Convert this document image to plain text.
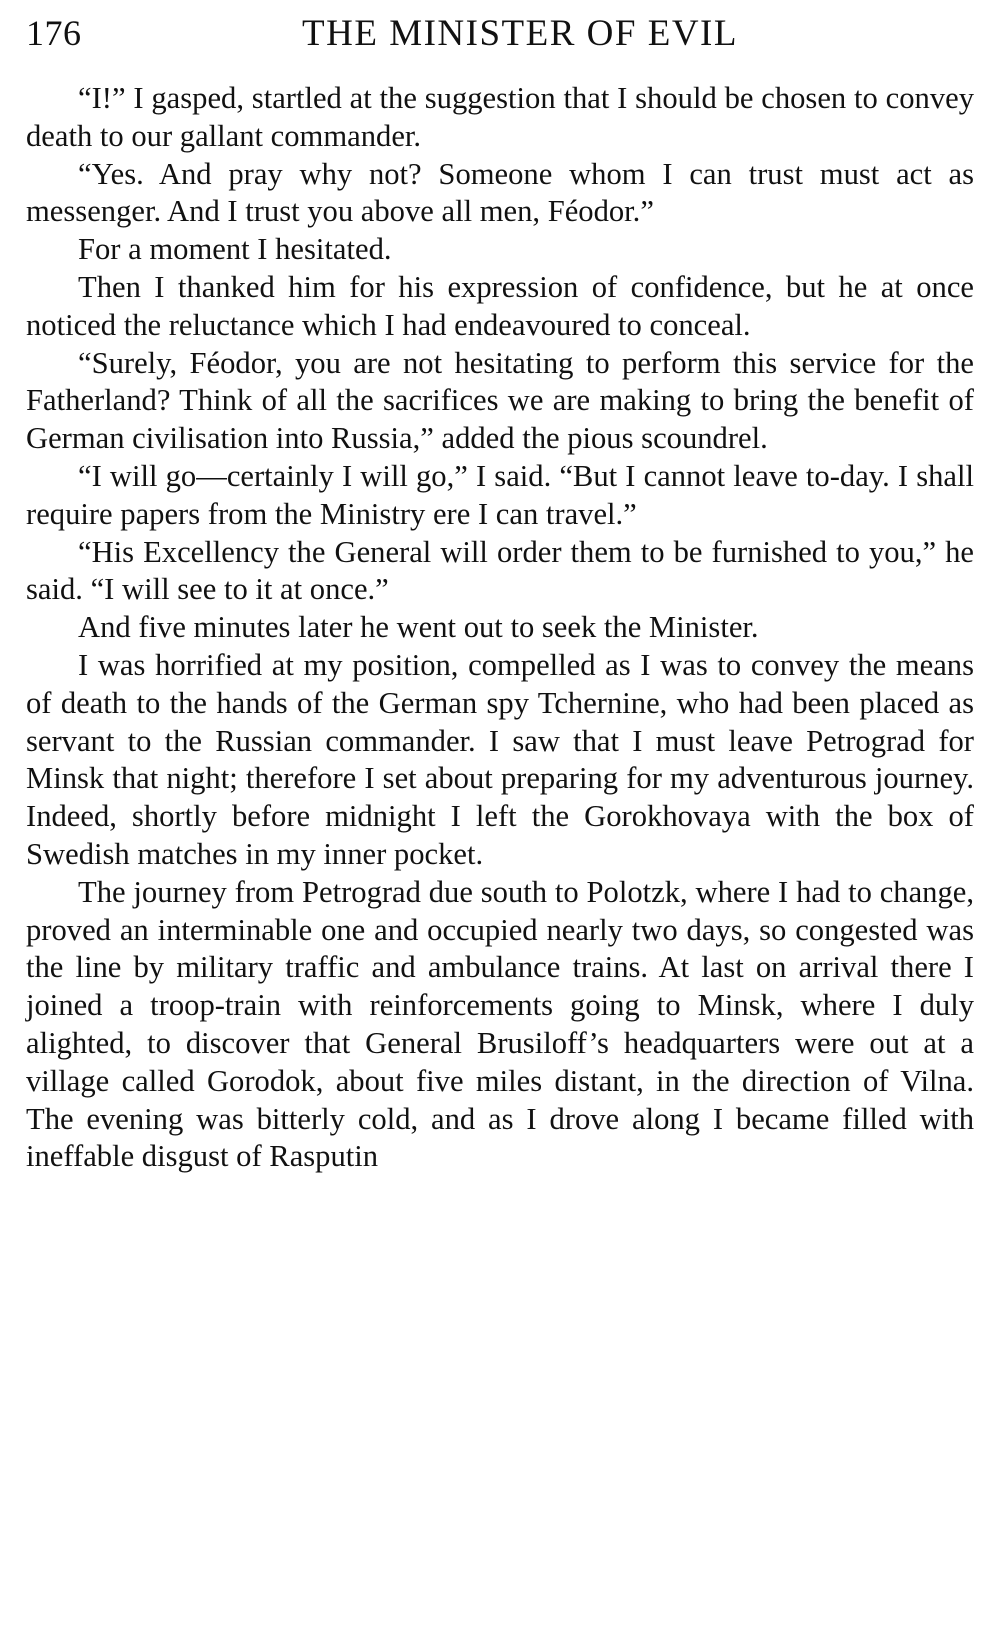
176	THE MINISTER OF EVIL

“I!” I gasped, startled at the suggestion that I should be chosen to convey death to our gallant commander.

“Yes. And pray why not? Someone whom I can trust must act as messenger. And I trust you above all men, Féodor.”

For a moment I hesitated.

Then I thanked him for his expression of confidence, but he at once noticed the reluctance which I had endeavoured to conceal.

“Surely, Féodor, you are not hesitating to perform this service for the Fatherland? Think of all the sacrifices we are making to bring the benefit of German civilisation into Russia,” added the pious scoundrel.

“I will go—certainly I will go,” I said. “But I cannot leave to-day. I shall require papers from the Ministry ere I can travel.”

“His Excellency the General will order them to be furnished to you,” he said. “I will see to it at once.”

And five minutes later he went out to seek the Minister.

I was horrified at my position, compelled as I was to convey the means of death to the hands of the German spy Tchernine, who had been placed as servant to the Russian commander. I saw that I must leave Petrograd for Minsk that night; therefore I set about preparing for my adventurous journey. Indeed, shortly before midnight I left the Gorokhovaya with the box of Swedish matches in my inner pocket.

The journey from Petrograd due south to Polotzk, where I had to change, proved an interminable one and occupied nearly two days, so congested was the line by military traffic and ambulance trains. At last on arrival there I joined a troop-train with reinforcements going to Minsk, where I duly alighted, to discover that General Brusiloff’s headquarters were out at a village called Gorodok, about five miles distant, in the direction of Vilna. The evening was bitterly cold, and as I drove along I became filled with ineffable disgust of Rasputin
